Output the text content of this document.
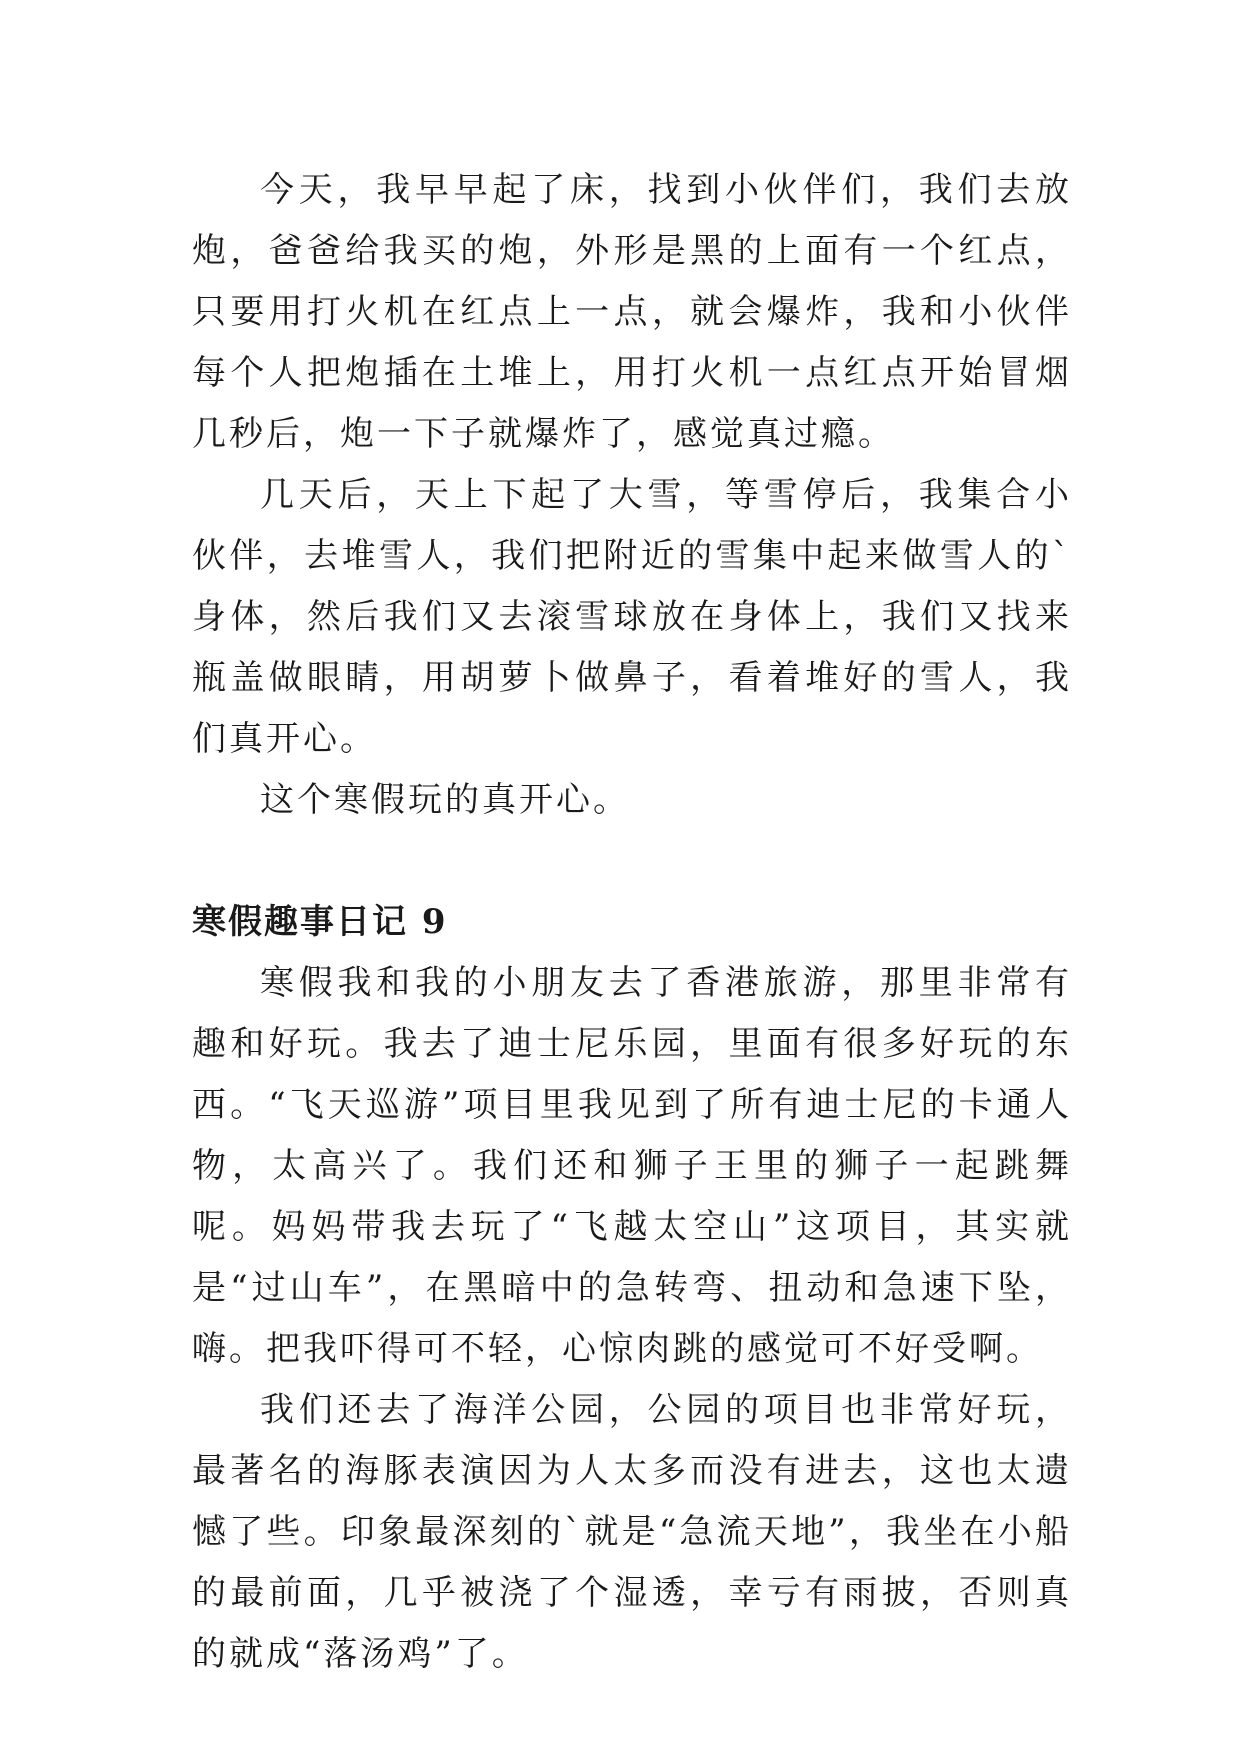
今天，我早早起了床，找到小伙伴们，我们去放炮，爸爸给我买的炮，外形是黑的上面有一个红点，只要用打火机在红点上一点，就会爆炸，我和小伙伴每个人把炮插在土堆上，用打火机一点红点开始冒烟 几秒后，炮一下子就爆炸了，感觉真过瘾。

几天后，天上下起了大雪，等雪停后，我集合小伙伴，去堆雪人，我们把附近的雪集中起来做雪人的`身体，然后我们又去滚雪球放在身体上，我们又找来瓶盖做眼睛，用胡萝卜做鼻子，看着堆好的雪人，我们真开心。

这个寒假玩的真开心。

寒假趣事日记 9

寒假我和我的小朋友去了香港旅游，那里非常有趣和好玩。我去了迪士尼乐园，里面有很多好玩的东西。“飞天巡游”项目里我见到了所有迪士尼的卡通人物，太高兴了。我们还和狮子王里的狮子一起跳舞呢。妈妈带我去玩了“飞越太空山”这项目，其实就是“过山车”，在黑暗中的急转弯、扭动和急速下坠，嗨。把我吓得可不轻，心惊肉跳的感觉可不好受啊。

我们还去了海洋公园，公园的项目也非常好玩，最著名的海豚表演因为人太多而没有进去，这也太遗憾了些。印象最深刻的`就是“急流天地”，我坐在小船的最前面，几乎被浇了个湿透，幸亏有雨披，否则真的就成“落汤鸡”了。
